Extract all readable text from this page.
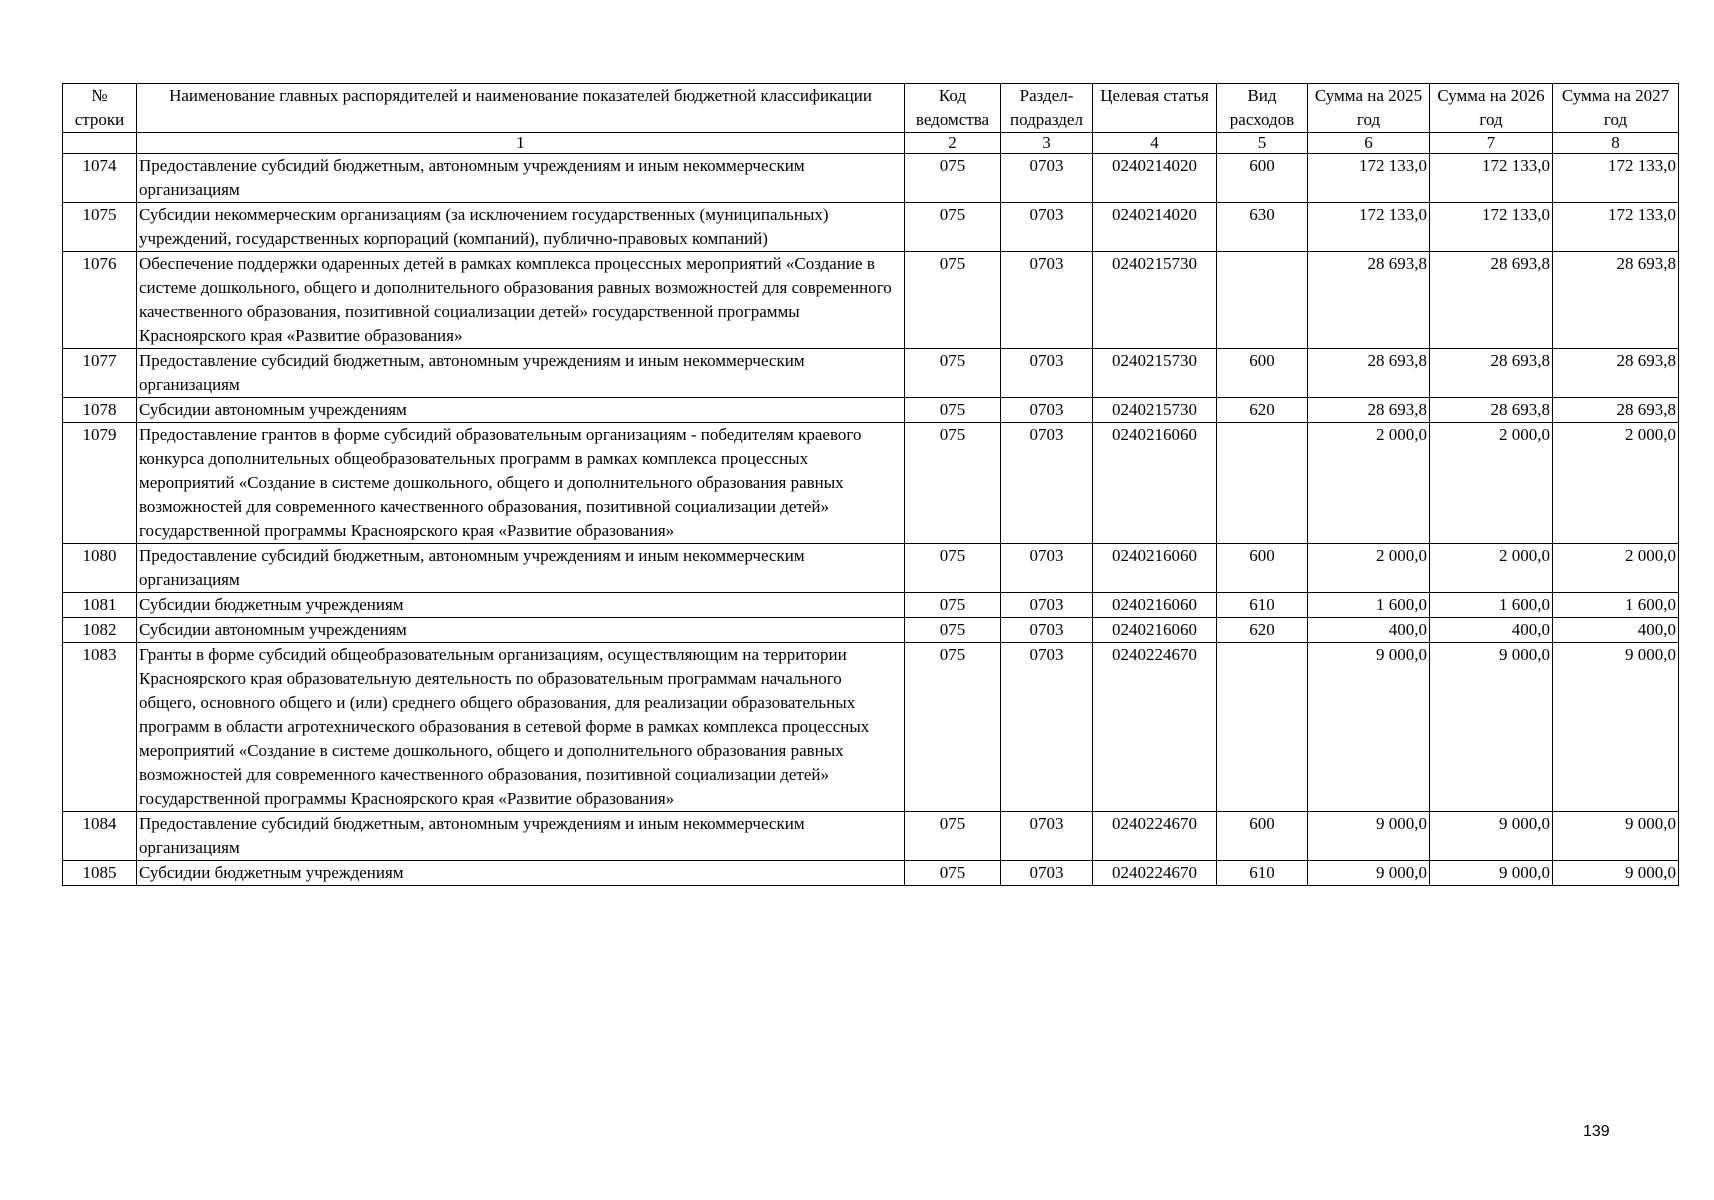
№ строки	Наименование главных распорядителей и наименование показателей бюджетной классификации	Код ведомства	Раздел-подраздел	Целевая статья	Вид расходов	Сумма на 2025 год	Сумма на 2026 год	Сумма на 2027 год
	1	2	3	4	5	6	7	8
1074	Предоставление субсидий бюджетным, автономным учреждениям и иным некоммерческим организациям	075	0703	0240214020	600	172 133,0	172 133,0	172 133,0
1075	Субсидии некоммерческим организациям (за исключением государственных (муниципальных) учреждений, государственных корпораций (компаний), публично-правовых компаний)	075	0703	0240214020	630	172 133,0	172 133,0	172 133,0
1076	Обеспечение поддержки одаренных детей в рамках комплекса процессных мероприятий «Создание в системе дошкольного, общего и дополнительного образования равных возможностей для современного качественного образования, позитивной социализации детей» государственной программы Красноярского края «Развитие образования»	075	0703	0240215730		28 693,8	28 693,8	28 693,8
1077	Предоставление субсидий бюджетным, автономным учреждениям и иным некоммерческим организациям	075	0703	0240215730	600	28 693,8	28 693,8	28 693,8
1078	Субсидии автономным учреждениям	075	0703	0240215730	620	28 693,8	28 693,8	28 693,8
1079	Предоставление грантов в форме субсидий образовательным организациям - победителям краевого конкурса дополнительных общеобразовательных программ в рамках комплекса процессных мероприятий «Создание в системе дошкольного, общего и дополнительного образования равных возможностей для современного качественного образования, позитивной социализации детей» государственной программы Красноярского края «Развитие образования»	075	0703	0240216060		2 000,0	2 000,0	2 000,0
1080	Предоставление субсидий бюджетным, автономным учреждениям и иным некоммерческим организациям	075	0703	0240216060	600	2 000,0	2 000,0	2 000,0
1081	Субсидии бюджетным учреждениям	075	0703	0240216060	610	1 600,0	1 600,0	1 600,0
1082	Субсидии автономным учреждениям	075	0703	0240216060	620	400,0	400,0	400,0
1083	Гранты в форме субсидий общеобразовательным организациям, осуществляющим на территории Красноярского края образовательную деятельность по образовательным программам начального общего, основного общего и (или) среднего общего образования, для реализации образовательных программ в области агротехнического образования в сетевой форме в рамках комплекса процессных мероприятий «Создание в системе дошкольного, общего и дополнительного образования равных возможностей для современного качественного образования, позитивной социализации детей» государственной программы Красноярского края «Развитие образования»	075	0703	0240224670		9 000,0	9 000,0	9 000,0
1084	Предоставление субсидий бюджетным, автономным учреждениям и иным некоммерческим организациям	075	0703	0240224670	600	9 000,0	9 000,0	9 000,0
1085	Субсидии бюджетным учреждениям	075	0703	0240224670	610	9 000,0	9 000,0	9 000,0
139
